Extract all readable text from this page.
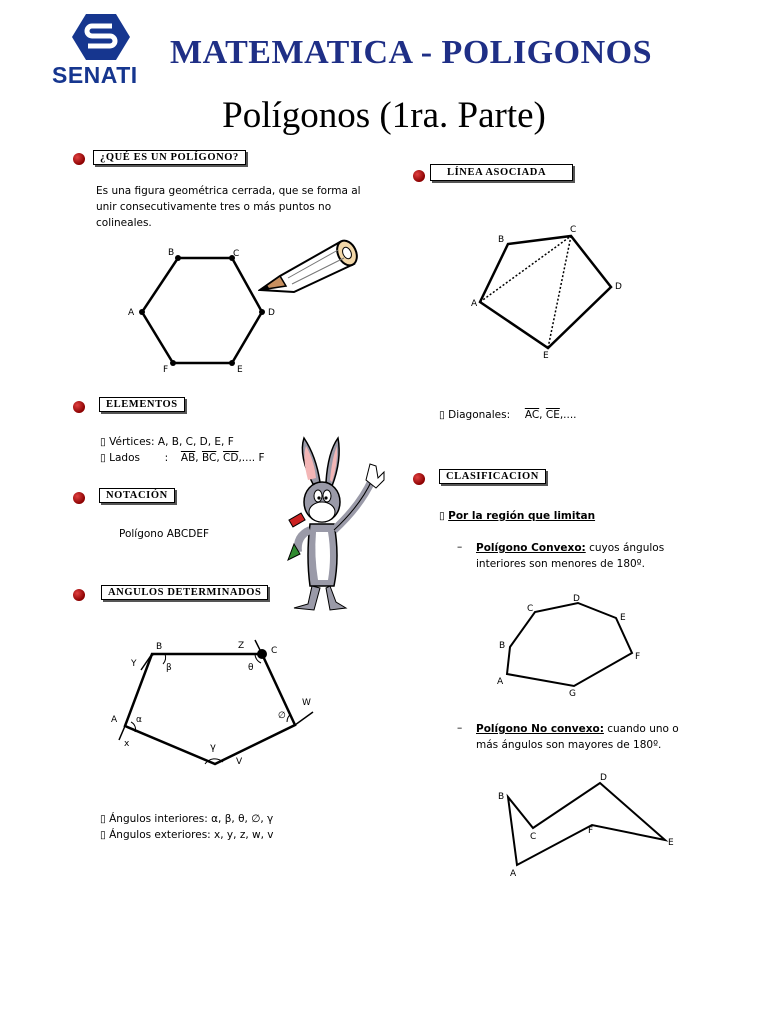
SENATI
MATEMATICA - POLIGONOS
Polígonos (1ra. Parte)
¿QUÉ ES UN POLÍGONO?
Es una figura geométrica cerrada, que se forma al unir consecutivamente tres o más puntos no colineales.
A
B	C
D
E
F
ELEMENTOS
▯ Vértices: A, B, C, D, E, F
▯ Lados : $\overline{AB}$, $\overline{BC}$, $\overline{CD}$,.... F
NOTACIÓN
Polígono ABCDEF
ANGULOS DETERMINADOS
A
B	C
V
W
Z
Y
x
α
β	θ
γ
∅
▯ Ángulos interiores: α, β, θ, ∅, γ
▯ Ángulos exteriores: x, y, z, w, v
LÍNEA ASOCIADA
A
B
C
D
E
▯ Diagonales: $\overline{AC}$, $\overline{CE}$,....
CLASIFICACION
▯ Por la región que limitan
– Polígono Convexo: cuyos ángulos interiores son menores de 180º.
A
B
C
D
E
F
G
– Polígono No convexo: cuando uno o más ángulos son mayores de 180º.
A
B
C
D
E
F
